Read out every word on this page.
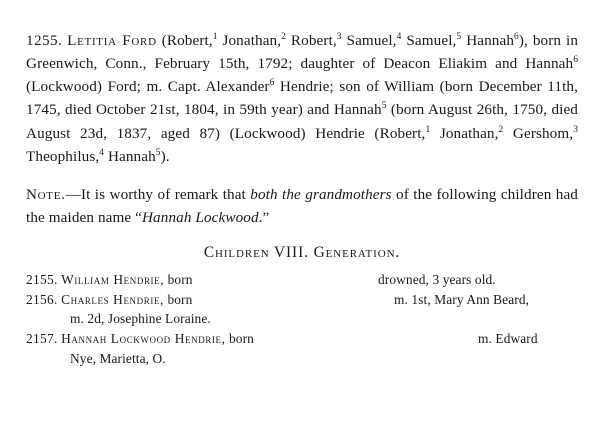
1255. Letitia Ford (Robert,$^1$ Jonathan,$^2$ Robert,$^3$ Samuel,$^4$ Samuel,$^5$ Hannah$^6$), born in Greenwich, Conn., February 15th, 1792; daughter of Deacon Eliakim and Hannah$^6$ (Lockwood) Ford; m. Capt. Alexander$^6$ Hendrie; son of William (born December 11th, 1745, died October 21st, 1804, in 59th year) and Hannah$^5$ (born August 26th, 1750, died August 23d, 1837, aged 87) (Lockwood) Hendrie (Robert,$^1$ Jonathan,$^2$ Gershom,$^3$ Theophilus,$^4$ Hannah$^5$).

Note.—It is worthy of remark that both the grandmothers of the following children had the maiden name “Hannah Lockwood.”

Children VIII. Generation.
2155. William Hendrie, born	drowned, 3 years old.
2156. Charles Hendrie, born	m. 1st, Mary Ann Beard,
m. 2d, Josephine Loraine.
2157. Hannah Lockwood Hendrie, born	m. Edward
Nye, Marietta, O.
